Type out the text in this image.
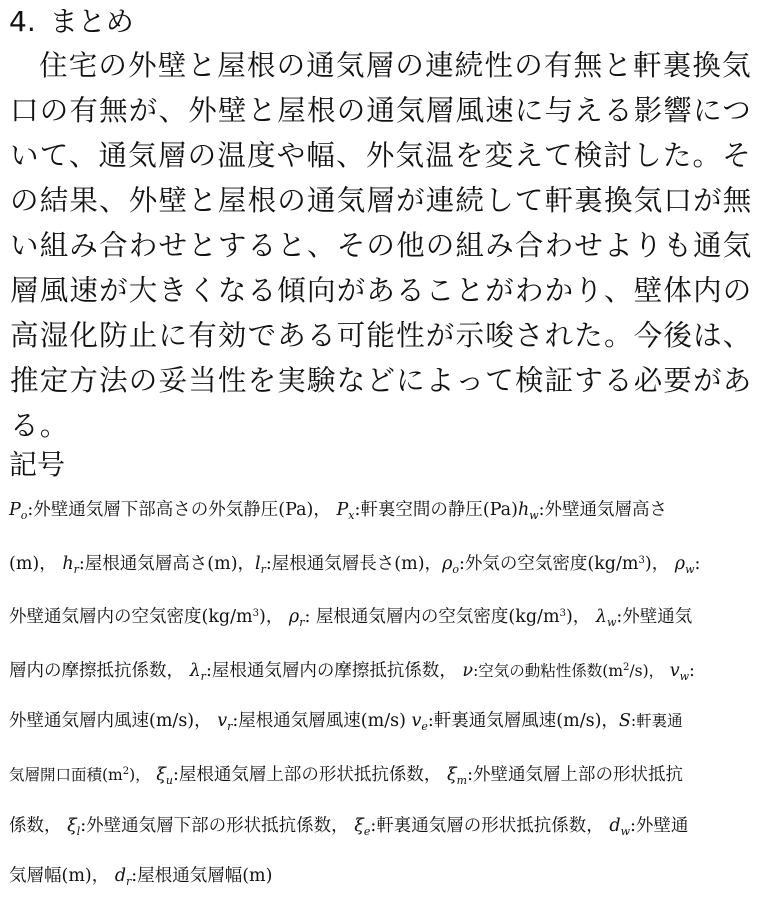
4. まとめ
住宅の外壁と屋根の通気層の連続性の有無と軒裏換気
口の有無が、外壁と屋根の通気層風速に与える影響につ
いて、通気層の温度や幅、外気温を変えて検討した。そ
の結果、外壁と屋根の通気層が連続して軒裏換気口が無
い組み合わせとすると、その他の組み合わせよりも通気
層風速が大きくなる傾向があることがわかり、壁体内の
高湿化防止に有効である可能性が示唆された。今後は、
推定方法の妥当性を実験などによって検証する必要があ
る。
記号
$P_o$:外壁通気層下部高さの外気静圧(Pa)， $P_x$:軒裏空間の静圧$(Pa)h_w$:外壁通気層高さ
(m)， $h_r$:屋根通気層高さ(m)，$l_r$:屋根通気層長さ(m)，$\rho_o$:外気の空気密度$(kg/m^3)$， $\rho_w$:
外壁通気層内の空気密度$(kg/m^3)$， $\rho_r$: 屋根通気層内の空気密度$(kg/m^3)$， $\lambda_w$:外壁通気
層内の摩擦抵抗係数， $\lambda_r$:屋根通気層内の摩擦抵抗係数， ν:空気の動粘性係数$(m^2/s)$， $v_w$:
外壁通気層内風速(m/s)， $v_r$:屋根通気層風速(m/s) $v_e$:軒裏通気層風速(m/s)，S:軒裏通
気層開口面積$(m^2)$， $\xi_u$:屋根通気層上部の形状抵抗係数， $\xi_m$:外壁通気層上部の形状抵抗
係数， $\xi_l$:外壁通気層下部の形状抵抗係数， $\xi_e$:軒裏通気層の形状抵抗係数， $d_w$:外壁通
気層幅(m)， $d_r$:屋根通気層幅(m)
